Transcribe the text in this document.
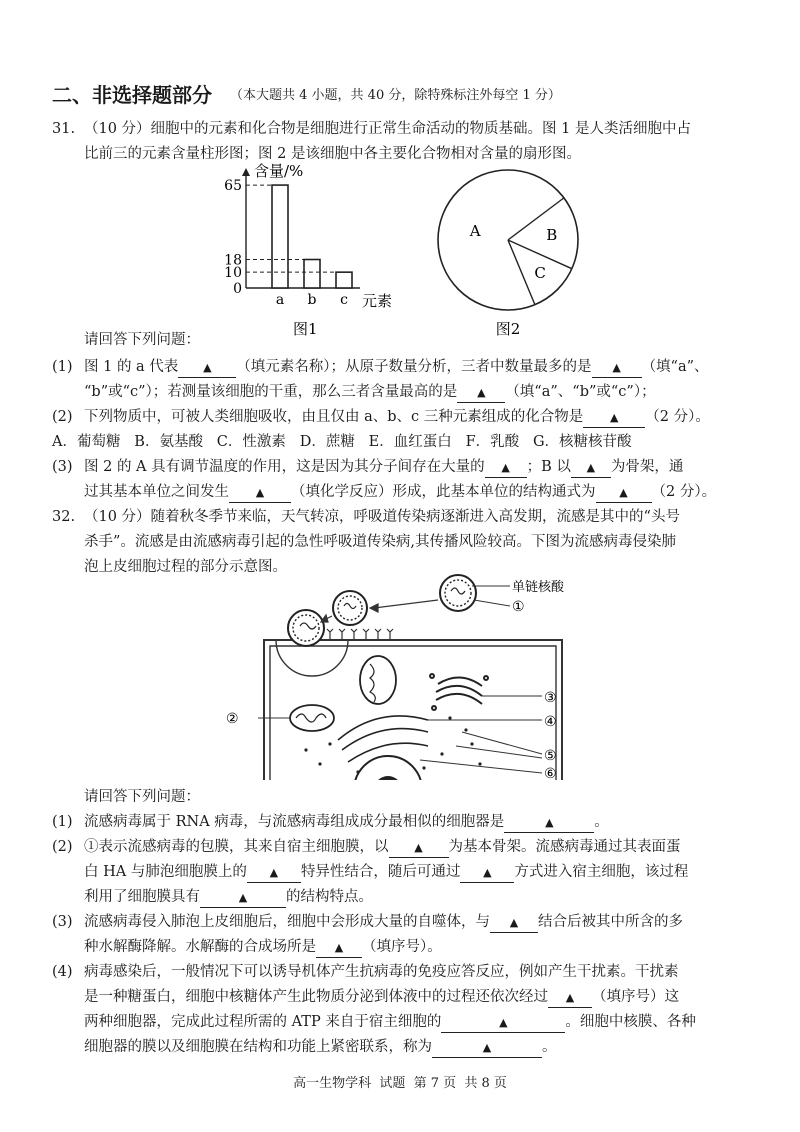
二、非选择题部分 （本大题共 4 小题，共 40 分，除特殊标注外每空 1 分）
31. （10 分）细胞中的元素和化合物是细胞进行正常生命活动的物质基础。图 1 是人类活细胞中占
比前三的元素含量柱形图；图 2 是该细胞中各主要化合物相对含量的扇形图。
含量/%
元素
图1
0
10
18
65
a b c
B
C
A
图2
请回答下列问题：
(1) 图 1 的 a 代表 ▲ （填元素名称）；从原子数量分析，三者中数量最多的是 ▲ （填“a”、
“b”或“c”）；若测量该细胞的干重，那么三者含量最高的是 ▲ （填“a”、“b”或“c”）；
(2) 下列物质中，可被人类细胞吸收，由且仅由 a、b、c 三种元素组成的化合物是 ▲ （2 分）。
A．葡萄糖   B．氨基酸   C．性激素   D．蔗糖   E．血红蛋白   F．乳酸   G．核糖核苷酸
(3) 图 2 的 A 具有调节温度的作用，这是因为其分子间存在大量的 ▲ ；B 以 ▲ 为骨架，通
过其基本单位之间发生 ▲ （填化学反应）形成，此基本单位的结构通式为 ▲ （2 分）。
32. （10 分）随着秋冬季节来临，天气转凉，呼吸道传染病逐渐进入高发期，流感是其中的“头号
杀手”。流感是由流感病毒引起的急性呼吸道传染病,其传播风险较高。下图为流感病毒侵染肺
泡上皮细胞过程的部分示意图。
单链核酸
①
②
③
④
⑤
⑥
请回答下列问题：
(1) 流感病毒属于 RNA 病毒，与流感病毒组成成分最相似的细胞器是	▲	。
(2) ①表示流感病毒的包膜，其来自宿主细胞膜，以 ▲ 为基本骨架。流感病毒通过其表面蛋
白 HA 与肺泡细胞膜上的 ▲ 特异性结合，随后可通过 ▲ 方式进入宿主细胞，该过程
利用了细胞膜具有	▲	的结构特点。
(3) 流感病毒侵入肺泡上皮细胞后，细胞中会形成大量的自噬体，与 ▲ 结合后被其中所含的多
种水解酶降解。水解酶的合成场所是 ▲ （填序号）。
(4) 病毒感染后，一般情况下可以诱导机体产生抗病毒的免疫应答反应，例如产生干扰素。干扰素
是一种糖蛋白，细胞中核糖体产生此物质分泌到体液中的过程还依次经过 ▲ （填序号）这
两种细胞器，完成此过程所需的 ATP 来自于宿主细胞的	▲	。细胞中核膜、各种
细胞器的膜以及细胞膜在结构和功能上紧密联系，称为	▲	。
高一生物学科  试题  第 7 页  共 8 页
